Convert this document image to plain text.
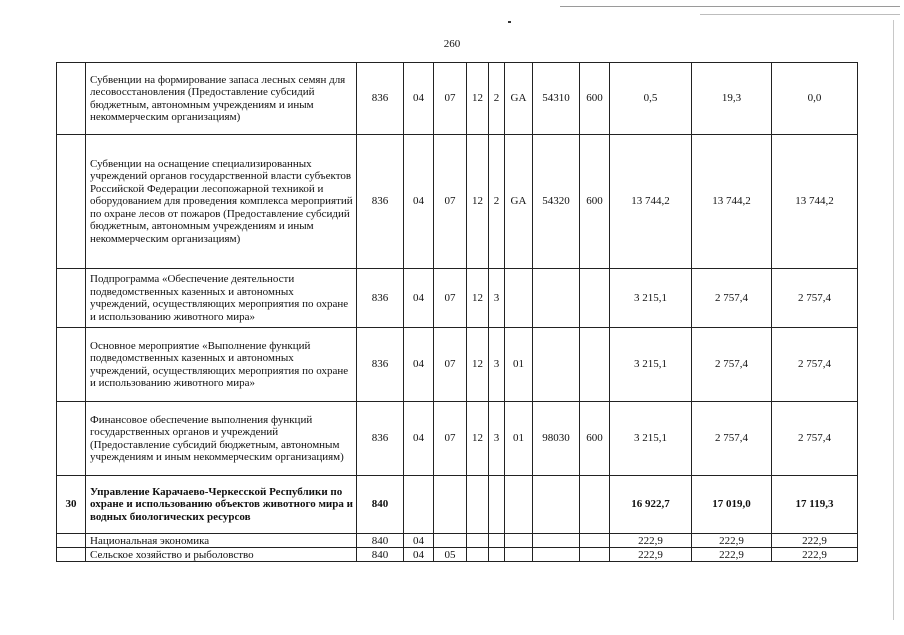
260
	Субвенции на формирование запаса лесных семян для лесовосстановления (Предоставление субсидий бюджетным, автономным учреждениям и иным некоммерческим организациям)	836	04	07	12	2	GA	54310	600	0,5	19,3	0,0
	Субвенции на оснащение специализированных учреждений органов государственной власти субъектов Российской Федерации лесопожарной техникой и оборудованием для проведения комплекса мероприятий по охране лесов от пожаров (Предоставление субсидий бюджетным, автономным учреждениям и иным некоммерческим организациям)	836	04	07	12	2	GA	54320	600	13 744,2	13 744,2	13 744,2
	Подпрограмма «Обеспечение деятельности подведомственных казенных и автономных учреждений, осуществляющих мероприятия по охране и использованию животного мира»	836	04	07	12	3				3 215,1	2 757,4	2 757,4
	Основное мероприятие «Выполнение функций подведомственных казенных и автономных учреждений, осуществляющих мероприятия по охране и использованию животного мира»	836	04	07	12	3	01			3 215,1	2 757,4	2 757,4
	Финансовое обеспечение выполнения функций государственных органов и учреждений (Предоставление субсидий бюджетным, автономным учреждениям и иным некоммерческим организациям)	836	04	07	12	3	01	98030	600	3 215,1	2 757,4	2 757,4
30	Управление Карачаево-Черкесской Республики по охране и использованию объектов животного мира и водных биологических ресурсов	840								16 922,7	17 019,0	17 119,3
	Национальная экономика	840	04							222,9	222,9	222,9
	Сельское хозяйство и рыболовство	840	04	05						222,9	222,9	222,9
